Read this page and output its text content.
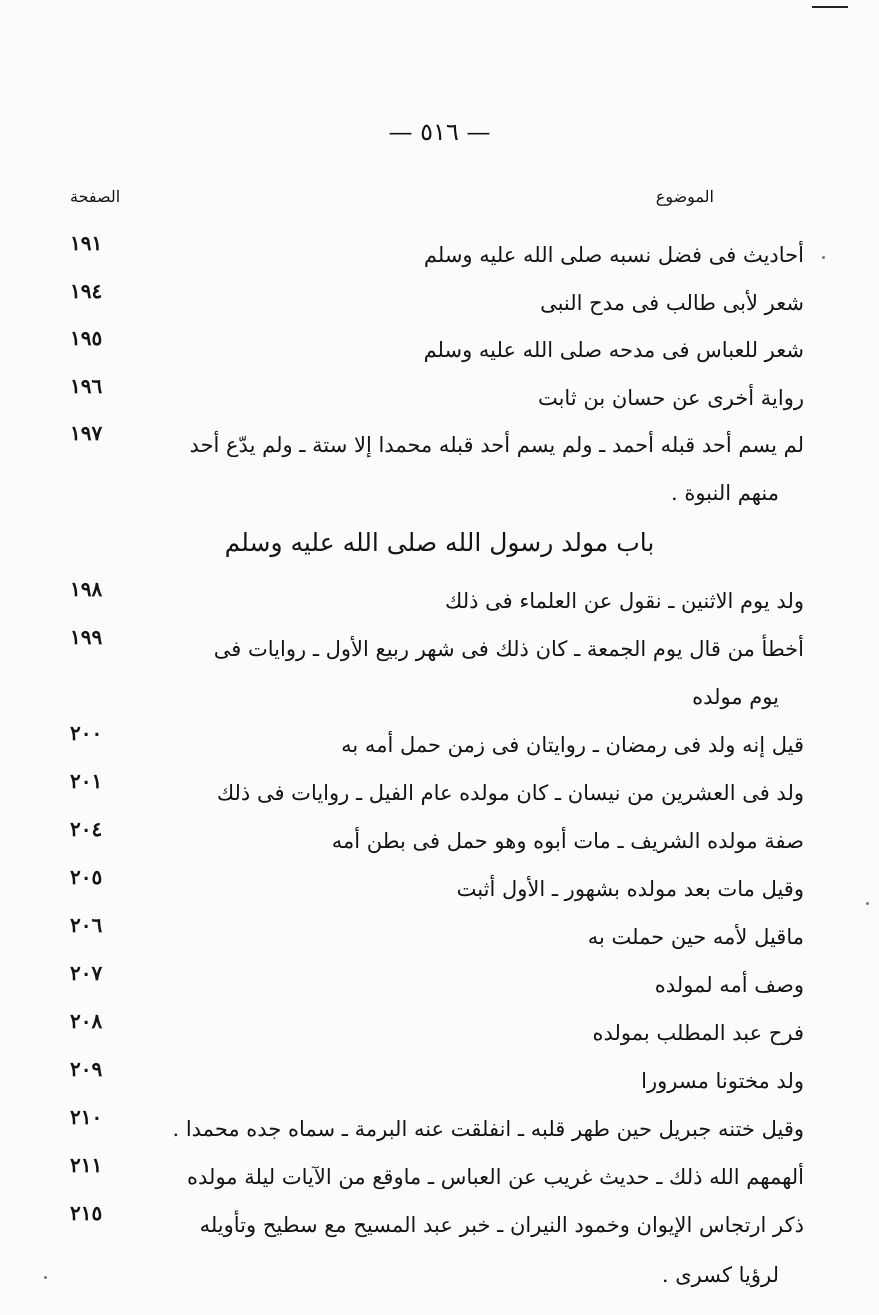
— ٥١٦ —
الموضوع
الصفحة
أحاديث فى فضل نسبه صلى الله عليه وسلم
١٩١
شعر لأبى طالب فى مدح النبى
١٩٤
شعر للعباس فى مدحه صلى الله عليه وسلم
١٩٥
رواية أخرى عن حسان بن ثابت
١٩٦
لم يسم أحد قبله أحمد ـ ولم يسم أحد قبله محمدا إلا ستة ـ ولم يدّع أحد
١٩٧
منهم النبوة .
باب مولد رسول الله صلى الله عليه وسلم
ولد يوم الاثنين ـ نقول عن العلماء فى ذلك
١٩٨
أخطأ من قال يوم الجمعة ـ كان ذلك فى شهر ربيع الأول ـ روايات فى
١٩٩
يوم مولده
قيل إنه ولد فى رمضان ـ روايتان فى زمن حمل أمه به
٢٠٠
ولد فى العشرين من نيسان ـ كان مولده عام الفيل ـ روايات فى ذلك
٢٠١
صفة مولده الشريف ـ مات أبوه وهو حمل فى بطن أمه
٢٠٤
وقيل مات بعد مولده بشهور ـ الأول أثبت
٢٠٥
ماقيل لأمه حين حملت به
٢٠٦
وصف أمه لمولده
٢٠٧
فرح عبد المطلب بمولده
٢٠٨
ولد مختونا مسرورا
٢٠٩
وقيل ختنه جبريل حين طهر قلبه ـ انفلقت عنه البرمة ـ سماه جده محمدا .
٢١٠
ألهمهم الله ذلك ـ حديث غريب عن العباس ـ ماوقع من الآيات ليلة مولده
٢١١
ذكر ارتجاس الإيوان وخمود النيران ـ خبر عبد المسيح مع سطيح وتأويله
٢١٥
لرؤيا كسرى .
